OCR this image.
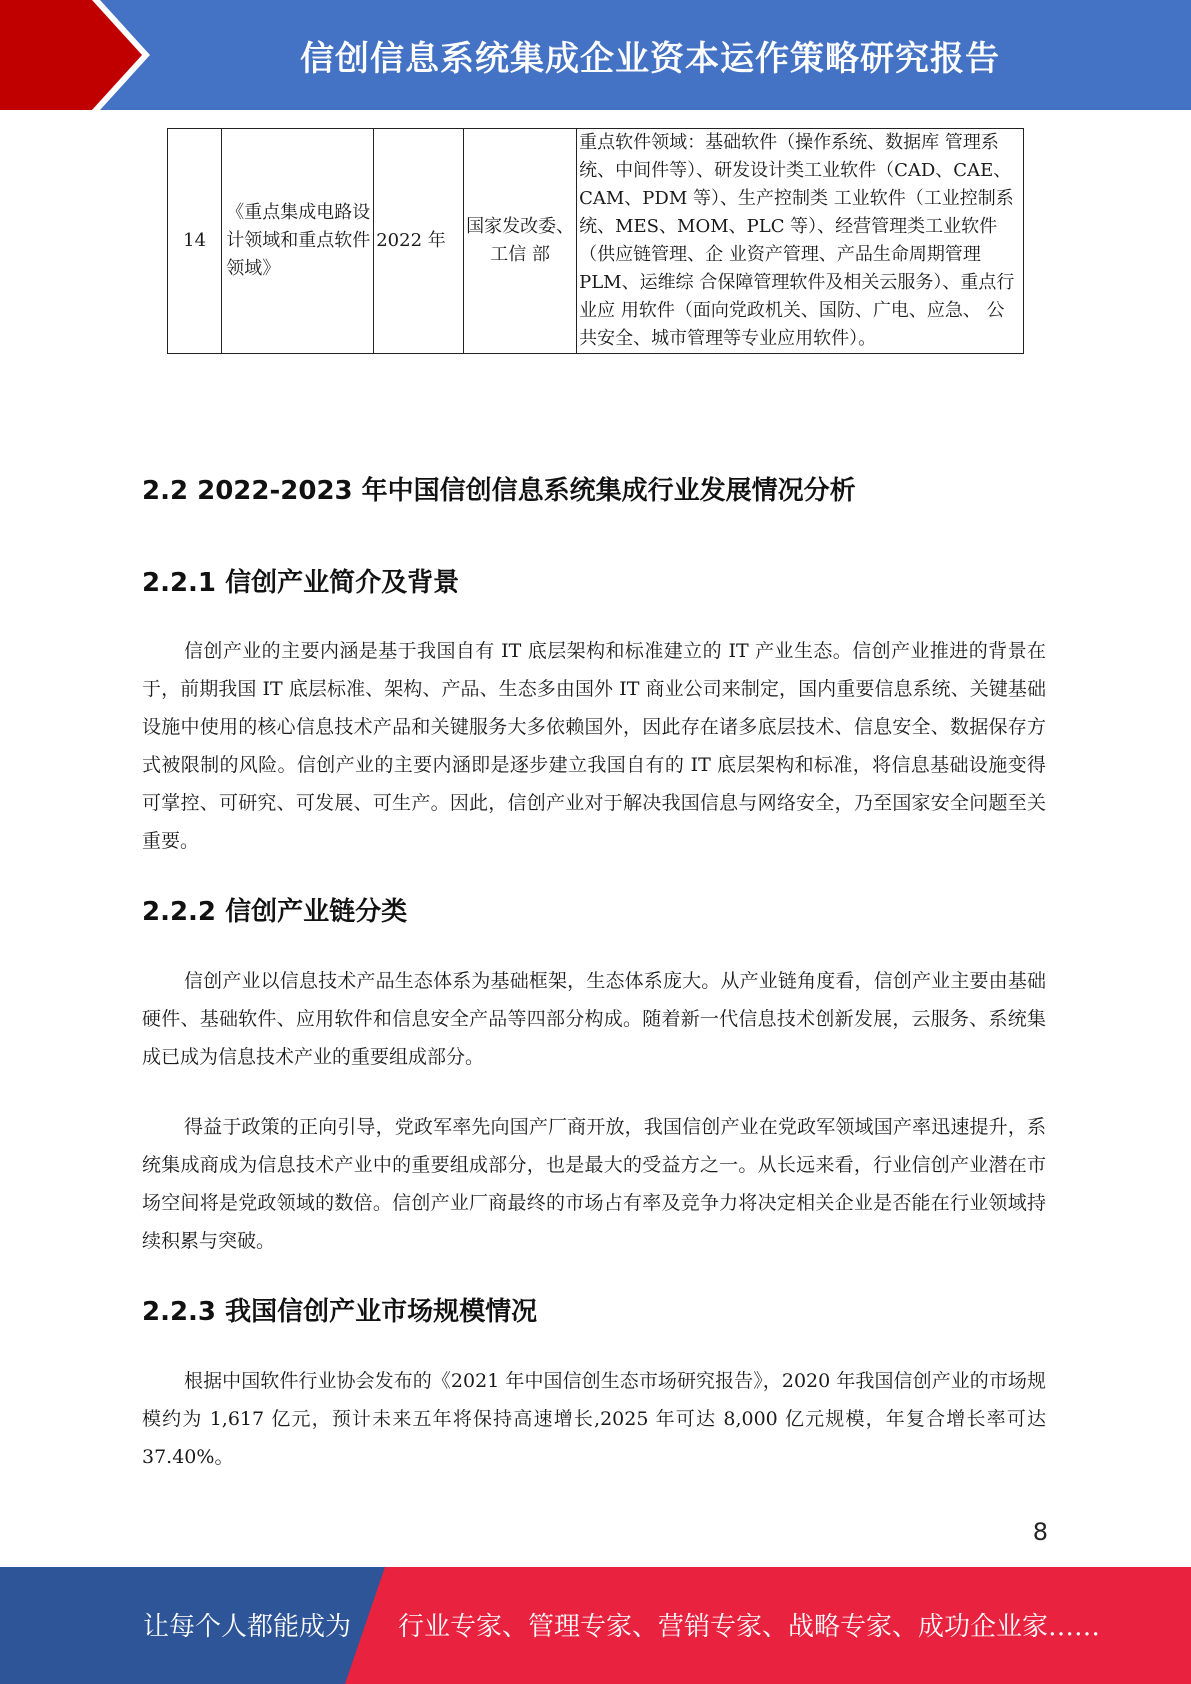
信创信息系统集成企业资本运作策略研究报告
14	《重点集成电路设计领域和重点软件领域》	2022 年	国家发改委、工信 部	重点软件领域：基础软件（操作系统、数据库 管理系统、中间件等）、研发设计类工业软件（CAD、CAE、CAM、PDM 等）、生产控制类 工业软件（工业控制系统、MES、MOM、PLC 等）、经营管理类工业软件（供应链管理、企 业资产管理、产品生命周期管理 PLM、运维综 合保障管理软件及相关云服务）、重点行业应 用软件（面向党政机关、国防、广电、应急、 公共安全、城市管理等专业应用软件）。
2.2 2022-2023 年中国信创信息系统集成行业发展情况分析
2.2.1 信创产业简介及背景

信创产业的主要内涵是基于我国自有 IT 底层架构和标准建立的 IT 产业生态。信创产业推进的背景在于，前期我国 IT 底层标准、架构、产品、生态多由国外 IT 商业公司来制定，国内重要信息系统、关键基础设施中使用的核心信息技术产品和关键服务大多依赖国外，因此存在诸多底层技术、信息安全、数据保存方式被限制的风险。信创产业的主要内涵即是逐步建立我国自有的 IT 底层架构和标准，将信息基础设施变得可掌控、可研究、可发展、可生产。因此，信创产业对于解决我国信息与网络安全，乃至国家安全问题至关重要。

2.2.2 信创产业链分类

信创产业以信息技术产品生态体系为基础框架，生态体系庞大。从产业链角度看，信创产业主要由基础硬件、基础软件、应用软件和信息安全产品等四部分构成。随着新一代信息技术创新发展，云服务、系统集成已成为信息技术产业的重要组成部分。

得益于政策的正向引导，党政军率先向国产厂商开放，我国信创产业在党政军领域国产率迅速提升，系统集成商成为信息技术产业中的重要组成部分，也是最大的受益方之一。从长远来看，行业信创产业潜在市场空间将是党政领域的数倍。信创产业厂商最终的市场占有率及竞争力将决定相关企业是否能在行业领域持续积累与突破。

2.2.3 我国信创产业市场规模情况

根据中国软件行业协会发布的《2021 年中国信创生态市场研究报告》，2020 年我国信创产业的市场规模约为 1,617 亿元，预计未来五年将保持高速增长,2025 年可达 8,000 亿元规模，年复合增长率可达 37.40%。

8
让每个人都能成为 行业专家、管理专家、营销专家、战略专家、成功企业家……
